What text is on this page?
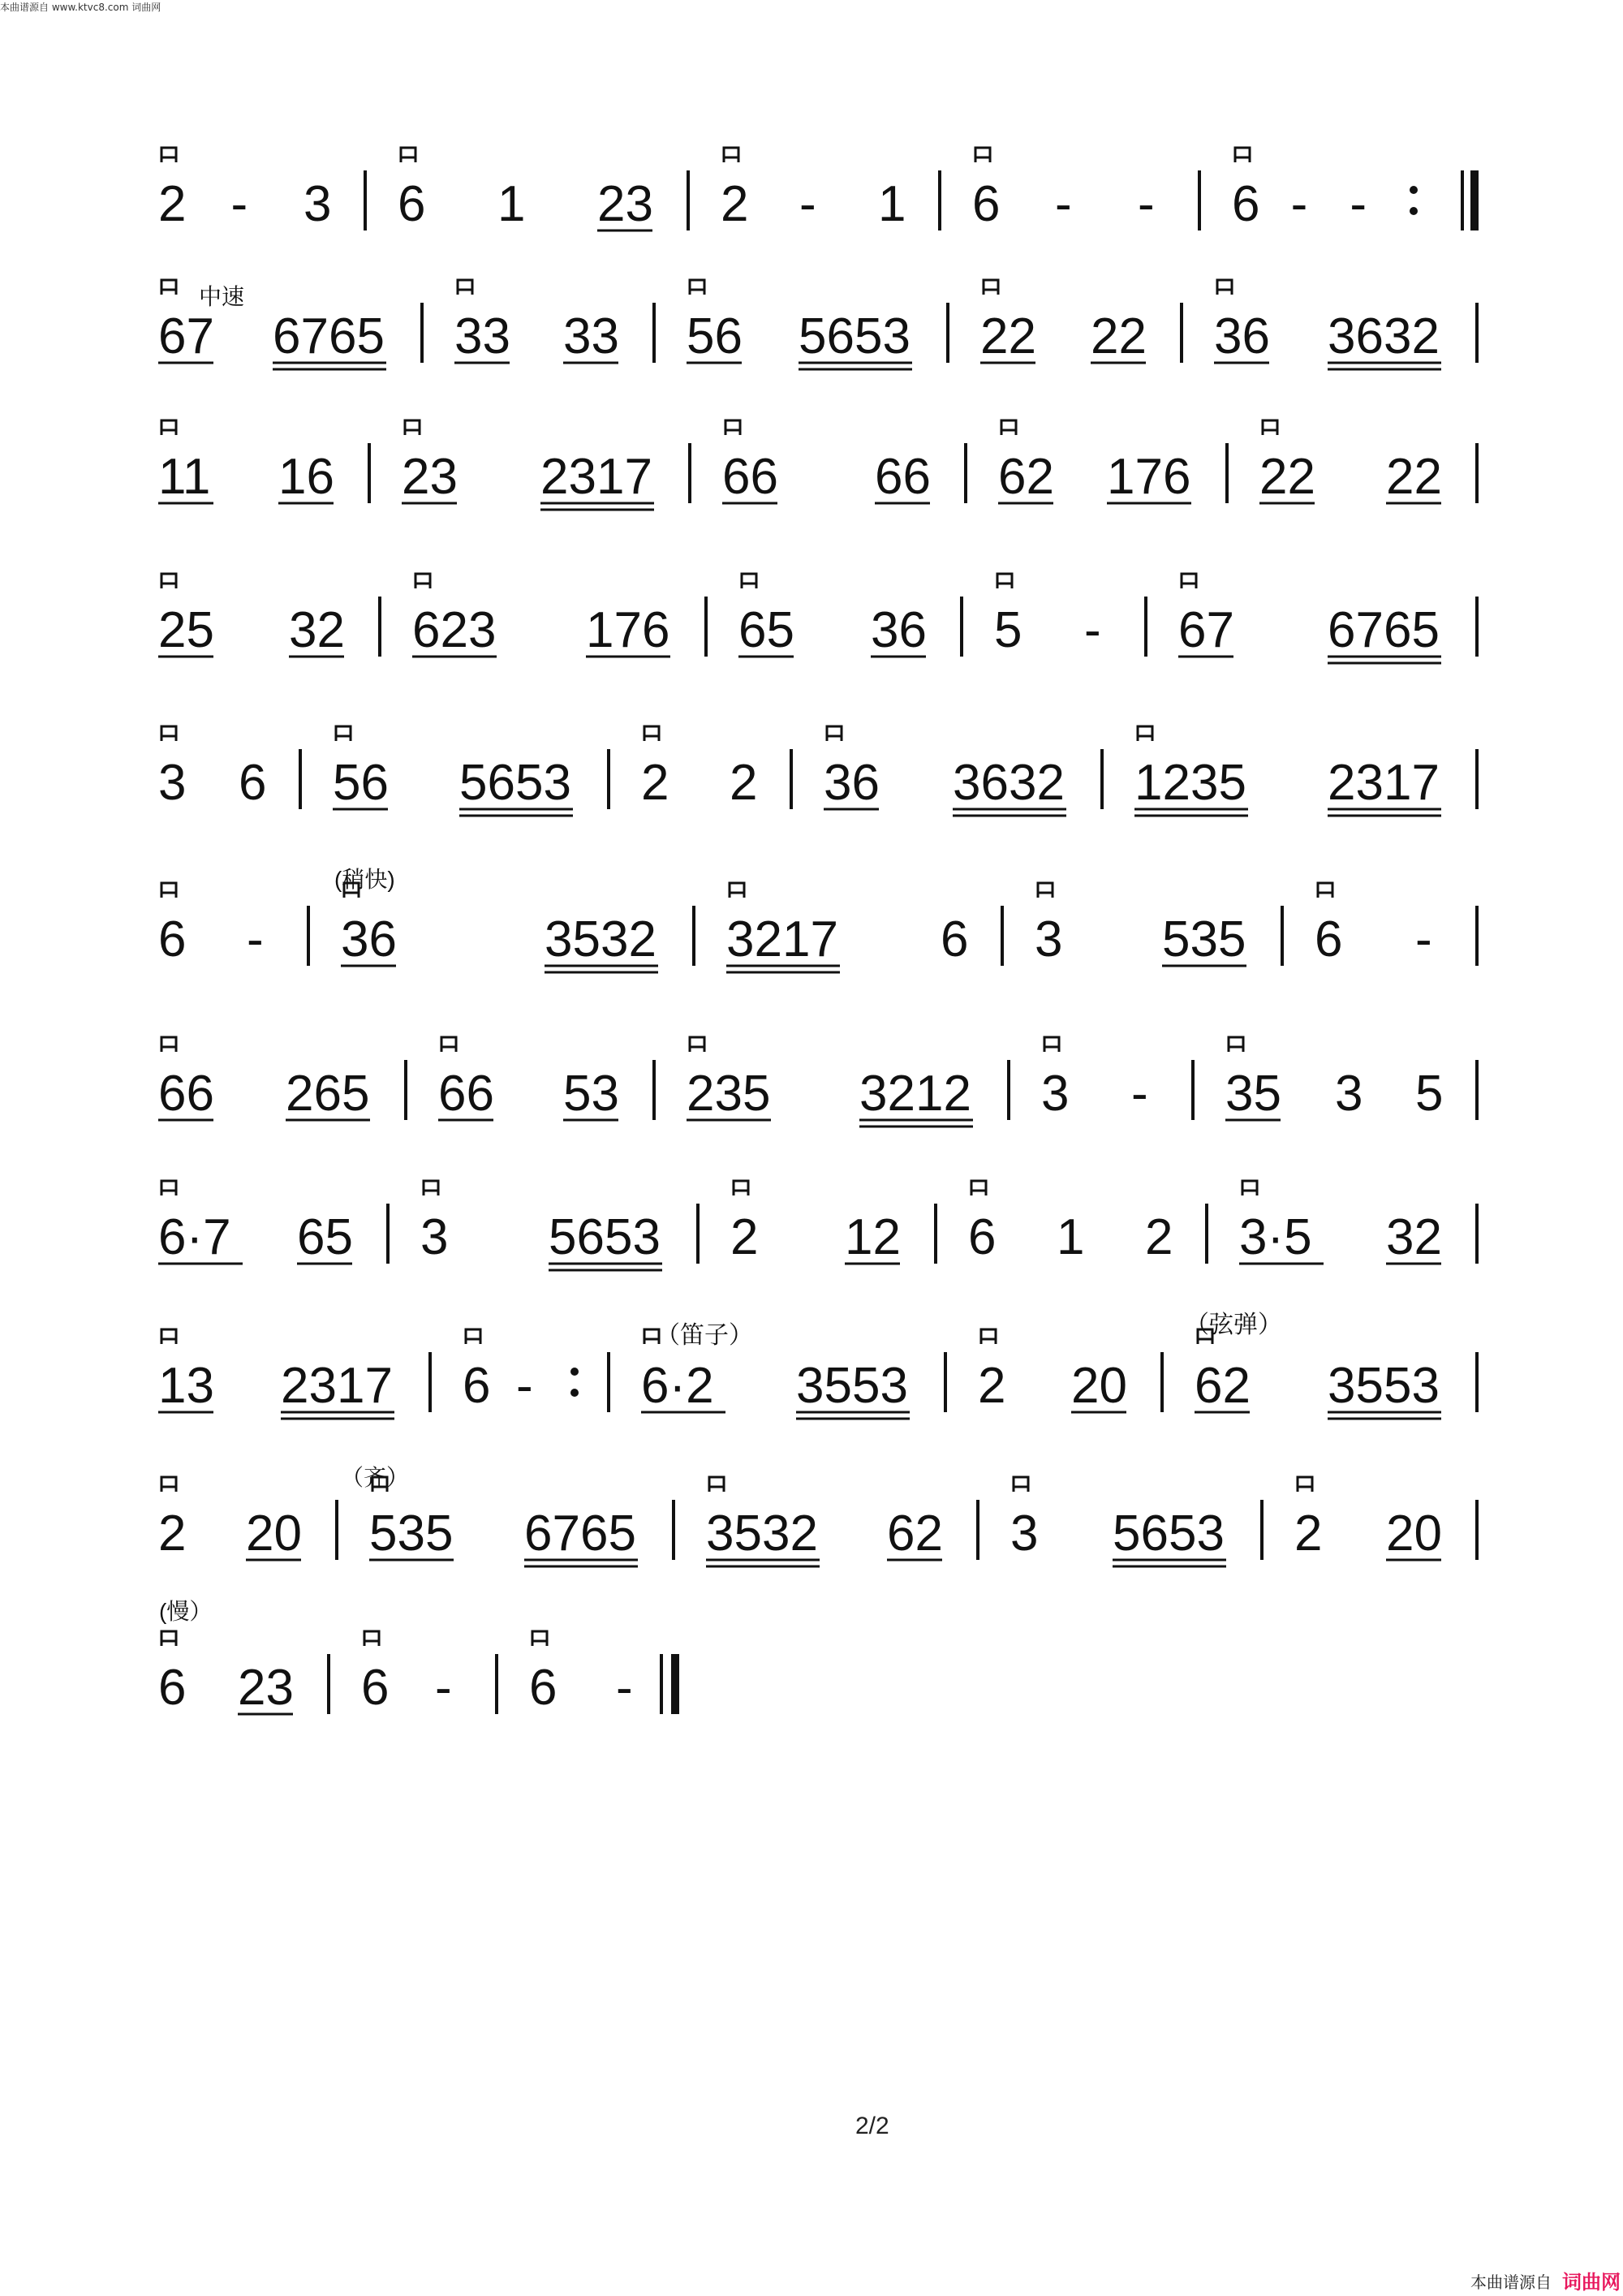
本曲谱源自 www.ktvc8.com 词曲网
2 - 3 6 1 23 2 - 1 6 - - 6 - -
67 6765 33 33 56 5653 22 22 36 3632
11 16 23 2317 66 66 62 176 22 22
25 32 623 176 65 36 5 - 67 6765
3 6 56 5653 2 2 36 3632 1235 2317
6 - 36	3532 3217 6 3 535 6 -
66 265 66 53 235 3212 3 - 35 3 5
6·7 65 3 5653 2 12 6 1 2 3·5 32
13 2317 6 - 6·2 3553 2 20 62 3553
2 20 535 6765 3532 62 3 5653 2 20
6 23 6 - 6 -
中速
(稍快)
（笛子）	（弦弹）
（齐）
(慢）
2/2
本曲谱源自 词曲网
